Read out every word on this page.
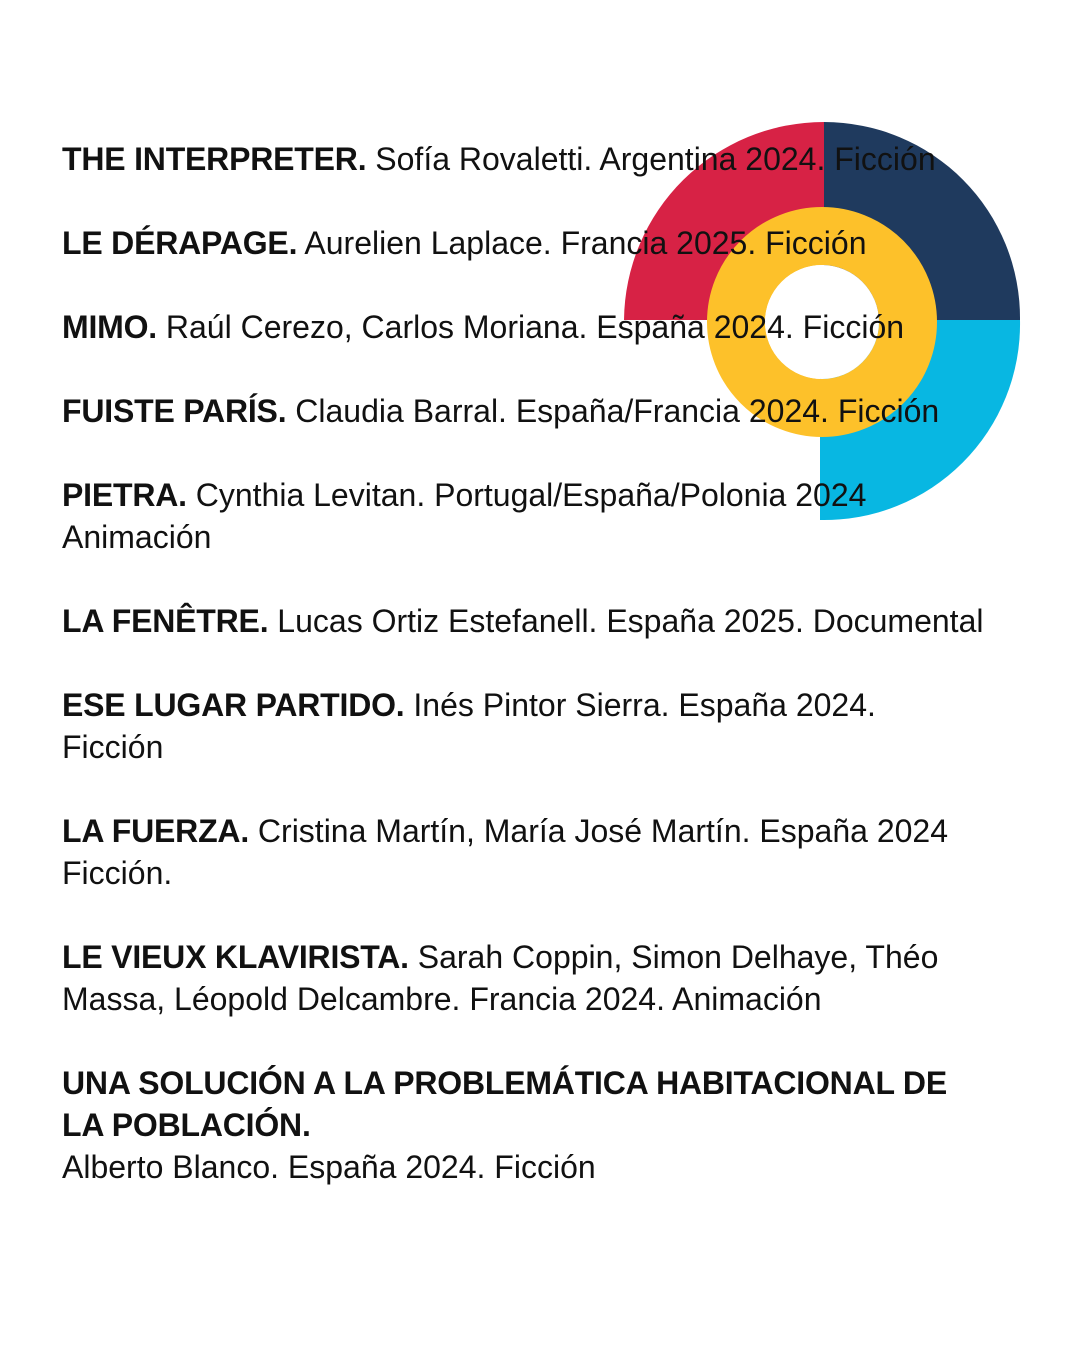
THE INTERPRETER. Sofía Rovaletti. Argentina 2024. Ficción
LE DÉRAPAGE. Aurelien Laplace. Francia 2025. Ficción
MIMO. Raúl Cerezo, Carlos Moriana. España 2024. Ficción
FUISTE PARÍS. Claudia Barral. España/Francia 2024. Ficción
PIETRA. Cynthia Levitan. Portugal/España/Polonia 2024 Animación
LA FENÊTRE. Lucas Ortiz Estefanell. España 2025. Documental
ESE LUGAR PARTIDO. Inés Pintor Sierra. España 2024. Ficción
LA FUERZA. Cristina Martín, María José Martín. España 2024 Ficción.
LE VIEUX KLAVIRISTA. Sarah Coppin, Simon Delhaye, Théo Massa, Léopold Delcambre. Francia 2024. Animación
UNA SOLUCIÓN A LA PROBLEMÁTICA HABITACIONAL DE LA POBLACIÓN.
Alberto Blanco. España 2024. Ficción
